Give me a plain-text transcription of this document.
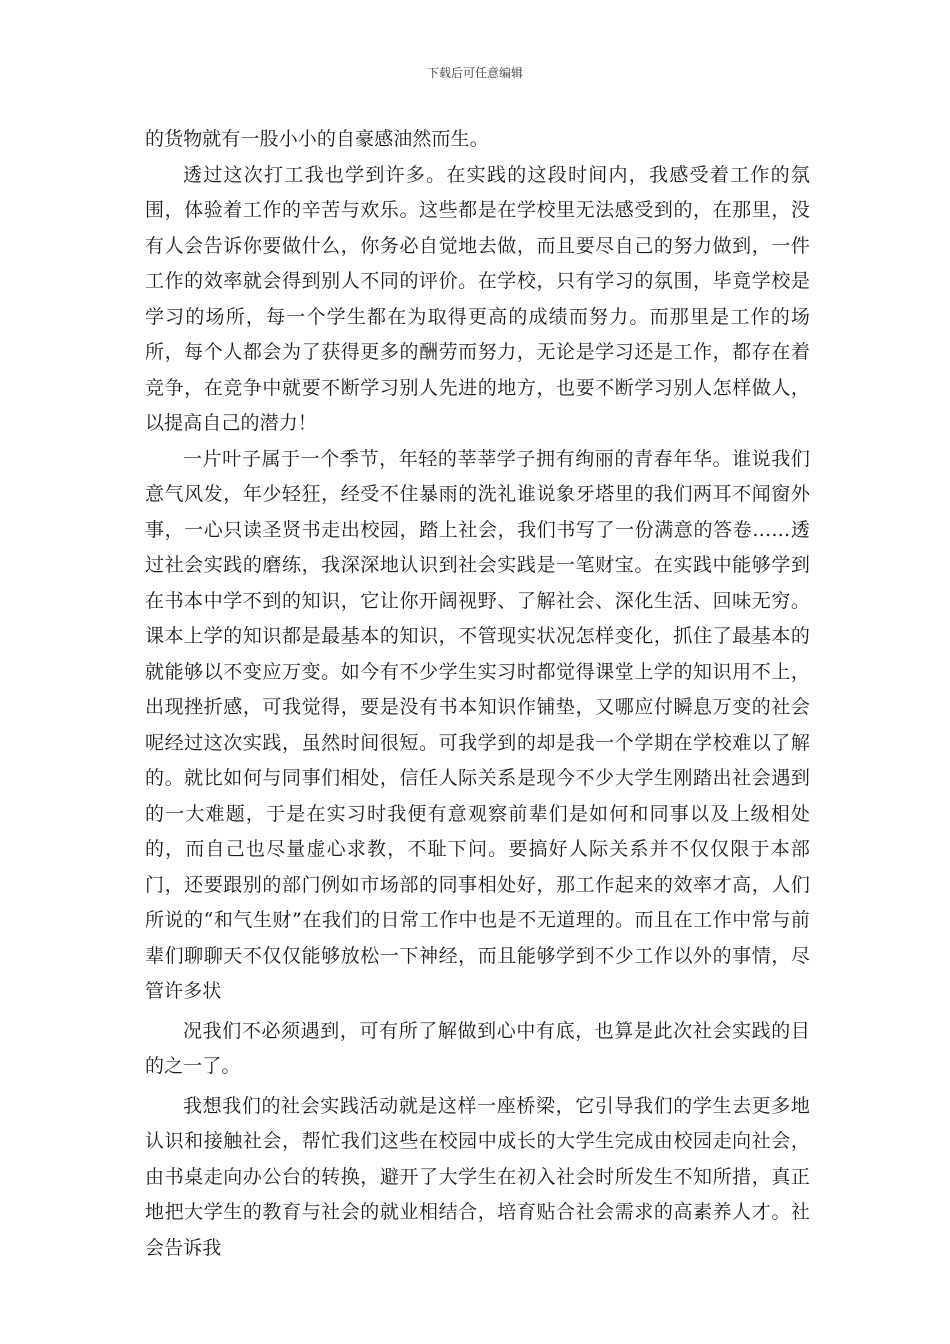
下载后可任意编辑

的货物就有一股小小的自豪感油然而生。

透过这次打工我也学到许多。在实践的这段时间内，我感受着工作的氛围，体验着工作的辛苦与欢乐。这些都是在学校里无法感受到的，在那里，没有人会告诉你要做什么，你务必自觉地去做，而且要尽自己的努力做到，一件工作的效率就会得到别人不同的评价。在学校，只有学习的氛围，毕竟学校是学习的场所，每一个学生都在为取得更高的成绩而努力。而那里是工作的场所，每个人都会为了获得更多的酬劳而努力，无论是学习还是工作，都存在着竞争，在竞争中就要不断学习别人先进的地方，也要不断学习别人怎样做人，以提高自己的潜力！

一片叶子属于一个季节，年轻的莘莘学子拥有绚丽的青春年华。谁说我们意气风发，年少轻狂，经受不住暴雨的洗礼谁说象牙塔里的我们两耳不闻窗外事，一心只读圣贤书走出校园，踏上社会，我们书写了一份满意的答卷……透过社会实践的磨练，我深深地认识到社会实践是一笔财宝。在实践中能够学到在书本中学不到的知识，它让你开阔视野、了解社会、深化生活、回味无穷。课本上学的知识都是最基本的知识，不管现实状况怎样变化，抓住了最基本的就能够以不变应万变。如今有不少学生实习时都觉得课堂上学的知识用不上，出现挫折感，可我觉得，要是没有书本知识作铺垫，又哪应付瞬息万变的社会呢经过这次实践，虽然时间很短。可我学到的却是我一个学期在学校难以了解的。就比如何与同事们相处，信任人际关系是现今不少大学生刚踏出社会遇到的一大难题，于是在实习时我便有意观察前辈们是如何和同事以及上级相处的，而自己也尽量虚心求教，不耻下问。要搞好人际关系并不仅仅限于本部门，还要跟别的部门例如市场部的同事相处好，那工作起来的效率才高，人们所说的“和气生财”在我们的日常工作中也是不无道理的。而且在工作中常与前辈们聊聊天不仅仅能够放松一下神经，而且能够学到不少工作以外的事情，尽管许多状

况我们不必须遇到，可有所了解做到心中有底，也算是此次社会实践的目的之一了。

我想我们的社会实践活动就是这样一座桥梁，它引导我们的学生去更多地认识和接触社会，帮忙我们这些在校园中成长的大学生完成由校园走向社会，由书桌走向办公台的转换，避开了大学生在初入社会时所发生不知所措，真正地把大学生的教育与社会的就业相结合，培育贴合社会需求的高素养人才。社会告诉我
